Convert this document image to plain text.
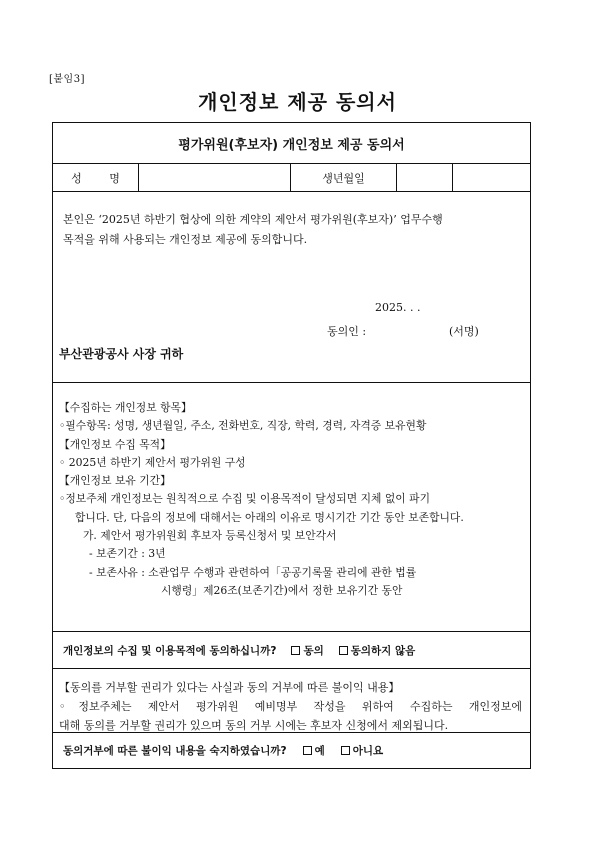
[붙임3]
개인정보 제공 동의서
평가위원(후보자) 개인정보 제공 동의서
성 명	생년월일
본인은 ‘2025년 하반기 협상에 의한 계약의 제안서 평가위원(후보자)’ 업무수행
목적을 위해 사용되는 개인정보 제공에 동의합니다.
2025. . .
동의인 :	(서명)
부산관광공사 사장 귀하
【수집하는 개인정보 항목】
◦필수항목: 성명, 생년월일, 주소, 전화번호, 직장, 학력, 경력, 자격증 보유현황
【개인정보 수집 목적】
◦ 2025년 하반기 제안서 평가위원 구성
【개인정보 보유 기간】
◦정보주체 개인정보는 원칙적으로 수집 및 이용목적이 달성되면 지체 없이 파기
합니다. 단, 다음의 정보에 대해서는 아래의 이유로 명시기간 기간 동안 보존합니다.
가. 제안서 평가위원회 후보자 등록신청서 및 보안각서
- 보존기간 : 3년
- 보존사유 : 소관업무 수행과 관련하여「공공기록물 관리에 관한 법률
시행령」제26조(보존기간)에서 정한 보유기간 동안
개인정보의 수집 및 이용목적에 동의하십니까?	동의	동의하지 않음
【동의를 거부할 권리가 있다는 사실과 동의 거부에 따른 불이익 내용】
◦정보주체는 제안서 평가위원 예비명부 작성을 위하여 수집하는 개인정보에
대해 동의를 거부할 권리가 있으며 동의 거부 시에는 후보자 신청에서 제외됩니다.
동의거부에 따른 불이익 내용을 숙지하였습니까?	예	아니요
